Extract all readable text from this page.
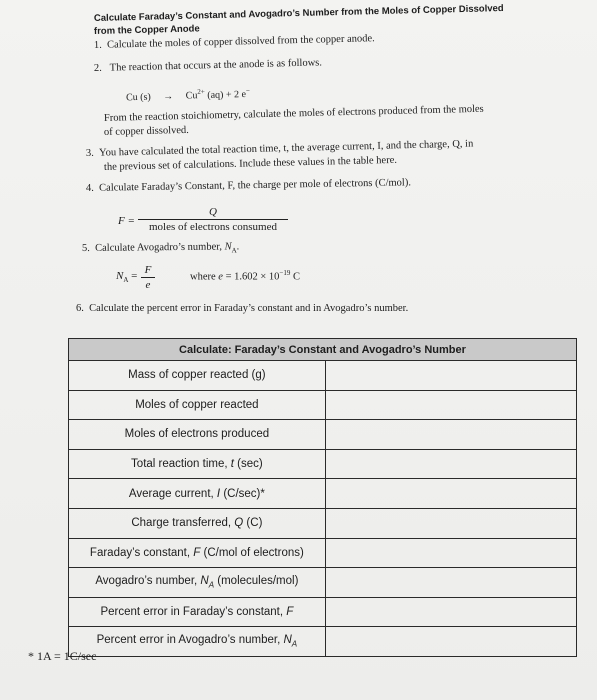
Calculate Faraday’s Constant and Avogadro’s Number from the Moles of Copper Dissolved
from the Copper Anode
1. Calculate the moles of copper dissolved from the copper anode.
2. The reaction that occurs at the anode is as follows.
Cu $(s) \to Cu^{2+}$ (aq) + 2 e−
From the reaction stoichiometry, calculate the moles of electrons produced from the moles
of copper dissolved.
3. You have calculated the total reaction time, t, the average current, I, and the charge, Q, in
the previous set of calculations. Include these values in the table here.
4. Calculate Faraday’s Constant, F, the charge per mole of electrons (C/mol).
F =
Q
moles of electrons consumed
5. Calculate Avogadro’s number, $N_A$.
$N_A = F$
e
where $e = 1.602 \times 10^{-19}$ C
6. Calculate the percent error in Faraday’s constant and in Avogadro’s number.
Calculate: Faraday’s Constant and Avogadro’s Number	
Mass of copper reacted (g)	
Moles of copper reacted	
Moles of electrons produced	
Total reaction time, t (sec)	
Average current, I (C/sec)*	
Charge transferred, Q (C)	
Faraday’s constant, F (C/mol of electrons)	
Avogadro’s number, $N_A$ (molecules/mol)	
Percent error in Faraday’s constant, F	
Percent error in Avogadro’s number, $N_A$	
* 1A = 1C/sec
